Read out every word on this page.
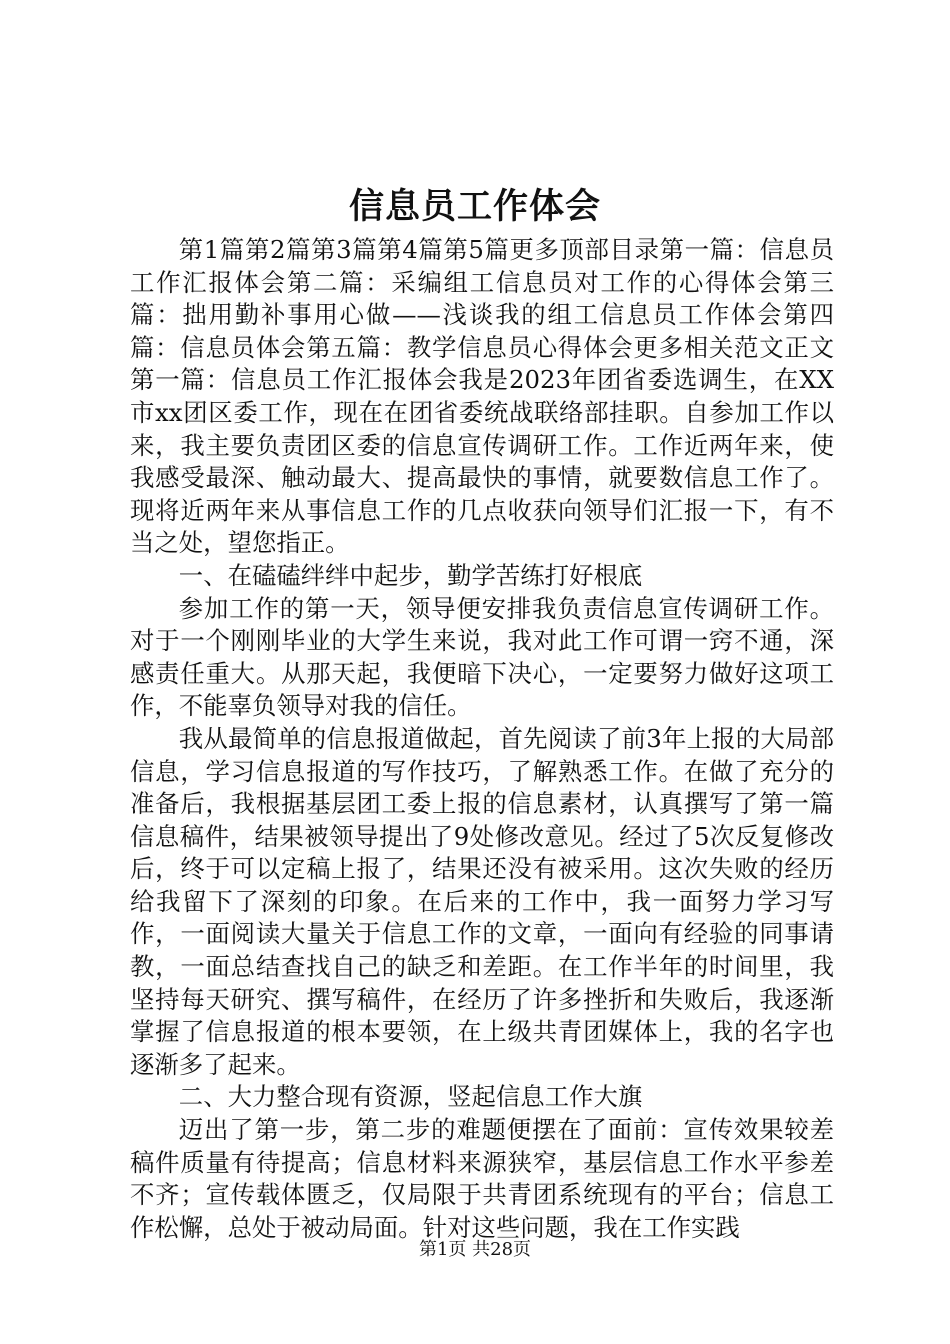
信息员工作体会

第1篇第2篇第3篇第4篇第5篇更多顶部目录第一篇：信息员工作汇报体会第二篇：采编组工信息员对工作的心得体会第三篇：拙用勤补事用心做——浅谈我的组工信息员工作体会第四篇：信息员体会第五篇：教学信息员心得体会更多相关范文正文第一篇：信息员工作汇报体会我是2023年团省委选调生，在XX市xx团区委工作，现在在团省委统战联络部挂职。自参加工作以来，我主要负责团区委的信息宣传调研工作。工作近两年来，使我感受最深、触动最大、提高最快的事情，就要数信息工作了。现将近两年来从事信息工作的几点收获向领导们汇报一下，有不当之处，望您指正。

一、在磕磕绊绊中起步，勤学苦练打好根底

参加工作的第一天，领导便安排我负责信息宣传调研工作。对于一个刚刚毕业的大学生来说，我对此工作可谓一窍不通，深感责任重大。从那天起，我便暗下决心，一定要努力做好这项工作，不能辜负领导对我的信任。

我从最简单的信息报道做起，首先阅读了前3年上报的大局部信息，学习信息报道的写作技巧，了解熟悉工作。在做了充分的准备后，我根据基层团工委上报的信息素材，认真撰写了第一篇信息稿件，结果被领导提出了9处修改意见。经过了5次反复修改后，终于可以定稿上报了，结果还没有被采用。这次失败的经历给我留下了深刻的印象。在后来的工作中，我一面努力学习写作，一面阅读大量关于信息工作的文章，一面向有经验的同事请教，一面总结查找自己的缺乏和差距。在工作半年的时间里，我坚持每天研究、撰写稿件，在经历了许多挫折和失败后，我逐渐掌握了信息报道的根本要领，在上级共青团媒体上，我的名字也逐渐多了起来。

二、大力整合现有资源，竖起信息工作大旗

迈出了第一步，第二步的难题便摆在了面前：宣传效果较差稿件质量有待提高；信息材料来源狭窄，基层信息工作水平参差不齐；宣传载体匮乏，仅局限于共青团系统现有的平台；信息工作松懈，总处于被动局面。针对这些问题，我在工作实践

第1页 共28页
